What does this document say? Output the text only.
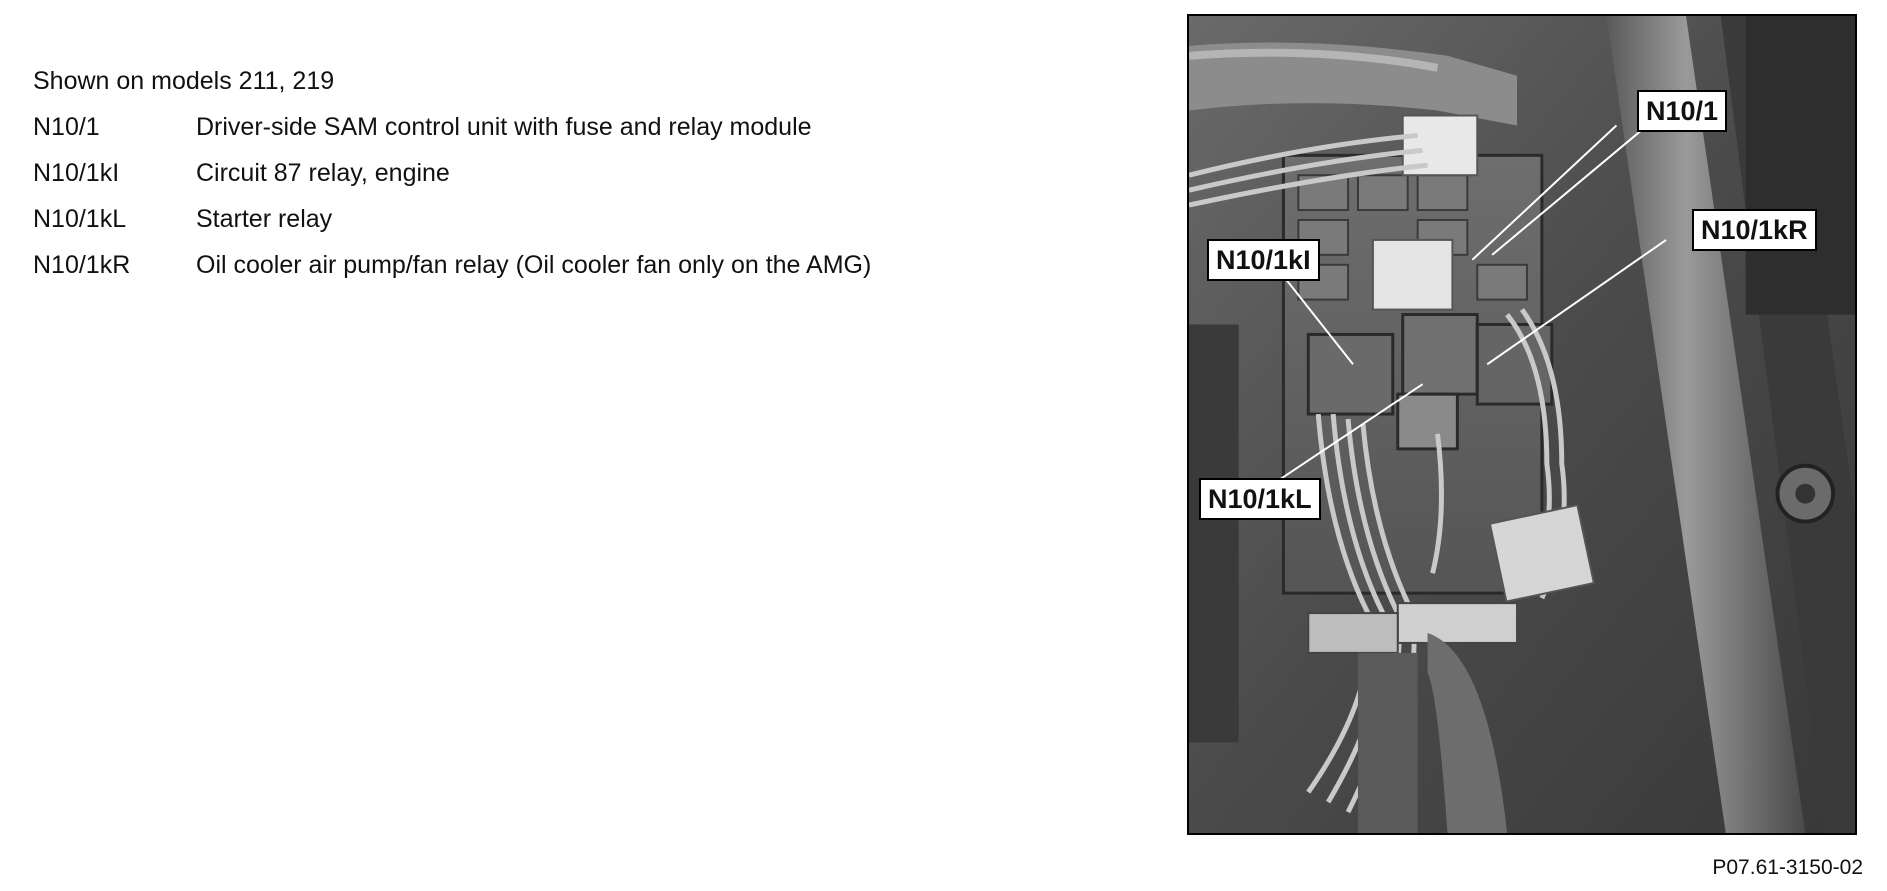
Shown on models 211, 219
N10/1	Driver-side SAM control unit with fuse and relay module
N10/1kI	Circuit 87 relay, engine
N10/1kL	Starter relay
N10/1kR	Oil cooler air pump/fan relay (Oil cooler fan only on the AMG)
N10/1
N10/1kR
N10/1kI
N10/1kL
P07.61-3150-02
